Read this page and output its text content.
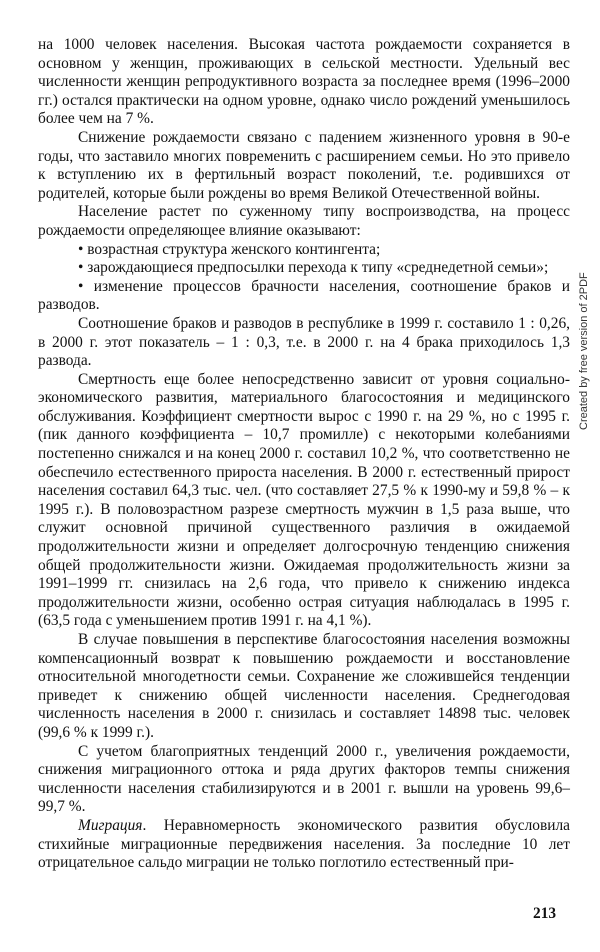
на 1000 человек населения. Высокая частота рождаемости сохраняется в основном у женщин, проживающих в сельской местности. Удельный вес численности женщин репродуктивного возраста за последнее время (1996–2000 гг.) остался практически на одном уровне, однако число рождений уменьшилось более чем на 7 %.

Снижение рождаемости связано с падением жизненного уровня в 90-е годы, что заставило многих повременить с расширением семьи. Но это привело к вступлению их в фертильный возраст поколений, т.е. родившихся от родителей, которые были рождены во время Великой Отечественной войны.

Население растет по суженному типу воспроизводства, на процесс рождаемости определяющее влияние оказывают:

• возрастная структура женского контингента;

• зарождающиеся предпосылки перехода к типу «среднедетной семьи»;

• изменение процессов брачности населения, соотношение браков и разводов.

Соотношение браков и разводов в республике в 1999 г. составило 1 : 0,26, в 2000 г. этот показатель – 1 : 0,3, т.е. в 2000 г. на 4 брака приходилось 1,3 развода.

Смертность еще более непосредственно зависит от уровня социально-экономического развития, материального благосостояния и медицинского обслуживания. Коэффициент смертности вырос с 1990 г. на 29 %, но с 1995 г. (пик данного коэффициента – 10,7 промилле) с некоторыми колебаниями постепенно снижался и на конец 2000 г. составил 10,2 %, что соответственно не обеспечило естественного прироста населения. В 2000 г. естественный прирост населения составил 64,3 тыс. чел. (что составляет 27,5 % к 1990-му и 59,8 % – к 1995 г.). В половозрастном разрезе смертность мужчин в 1,5 раза выше, что служит основной причиной существенного различия в ожидаемой продолжительности жизни и определяет долгосрочную тенденцию снижения общей продолжительности жизни. Ожидаемая продолжительность жизни за 1991–1999 гг. снизилась на 2,6 года, что привело к снижению индекса продолжительности жизни, особенно острая ситуация наблюдалась в 1995 г. (63,5 года с уменьшением против 1991 г. на 4,1 %).

В случае повышения в перспективе благосостояния населения возможны компенсационный возврат к повышению рождаемости и восстановление относительной многодетности семьи. Сохранение же сложившейся тенденции приведет к снижению общей численности населения. Среднегодовая численность населения в 2000 г. снизилась и составляет 14898 тыс. человек (99,6 % к 1999 г.).

С учетом благоприятных тенденций 2000 г., увеличения рождаемости, снижения миграционного оттока и ряда других факторов темпы снижения численности населения стабилизируются и в 2001 г. вышли на уровень 99,6– 99,7 %.

Миграция. Неравномерность экономического развития обусловила стихийные миграционные передвижения населения. За последние 10 лет отрицательное сальдо миграции не только поглотило естественный при-

213
Created by free version of 2PDF
